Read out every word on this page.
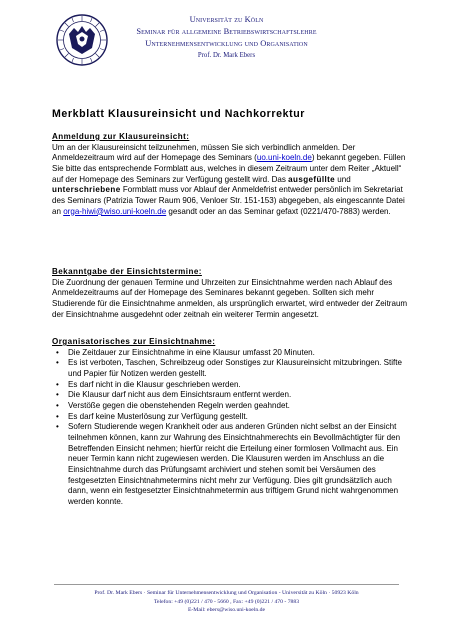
Universität zu Köln
Seminar für allgemeine Betriebswirtschaftslehre
Unternehmensentwicklung und Organisation
Prof. Dr. Mark Ebers
Merkblatt Klausureinsicht und Nachkorrektur
Anmeldung zur Klausureinsicht:

Um an der Klausureinsicht teilzunehmen, müssen Sie sich verbindlich anmelden. Der Anmeldezeitraum wird auf der Homepage des Seminars (uo.uni-koeln.de) bekannt gegeben. Füllen Sie bitte das entsprechende Formblatt aus, welches in diesem Zeitraum unter dem Reiter „Aktuell“ auf der Homepage des Seminars zur Verfügung gestellt wird. Das ausgefüllte und unterschriebene Formblatt muss vor Ablauf der Anmeldefrist entweder persönlich im Sekretariat des Seminars (Patrizia Tower Raum 906, Venloer Str. 151-153) abgegeben, als eingescannte Datei an orga-hiwi@wiso.uni-koeln.de gesandt oder an das Seminar gefaxt (0221/470-7883) werden.

Bekanntgabe der Einsichtstermine:

Die Zuordnung der genauen Termine und Uhrzeiten zur Einsichtnahme werden nach Ablauf des Anmeldezeitraums auf der Homepage des Seminares bekannt gegeben. Sollten sich mehr Studierende für die Einsichtnahme anmelden, als ursprünglich erwartet, wird entweder der Zeitraum der Einsichtnahme ausgedehnt oder zeitnah ein weiterer Termin angesetzt.

Organisatorisches zur Einsichtnahme:
• Die Zeitdauer zur Einsichtnahme in eine Klausur umfasst 20 Minuten.
• Es ist verboten, Taschen, Schreibzeug oder Sonstiges zur Klausureinsicht mitzubringen. Stifte und Papier für Notizen werden gestellt.
• Es darf nicht in die Klausur geschrieben werden.
• Die Klausur darf nicht aus dem Einsichtsraum entfernt werden.
• Verstöße gegen die obenstehenden Regeln werden geahndet.
• Es darf keine Musterlösung zur Verfügung gestellt.
• Sofern Studierende wegen Krankheit oder aus anderen Gründen nicht selbst an der Einsicht teilnehmen können, kann zur Wahrung des Einsichtnahmerechts ein Bevollmächtigter für den Betreffenden Einsicht nehmen; hierfür reicht die Erteilung einer formlosen Vollmacht aus. Ein neuer Termin kann nicht zugewiesen werden. Die Klausuren werden im Anschluss an die Einsichtnahme durch das Prüfungsamt archiviert und stehen somit bei Versäumen des festgesetzten Einsichtnahmetermins nicht mehr zur Verfügung. Dies gilt grundsätzlich auch dann, wenn ein festgesetzter Einsichtnahmetermin aus triftigem Grund nicht wahrgenommen werden konnte.
Prof. Dr. Mark Ebers · Seminar für Unternehmensentwicklung und Organisation - Universität zu Köln · 50923 Köln
Telefon: +49 (0)221 / 470 - 5660 , Fax: +49 (0)221 / 470 - 7883
E-Mail: ebers@wiso.uni-koeln.de
